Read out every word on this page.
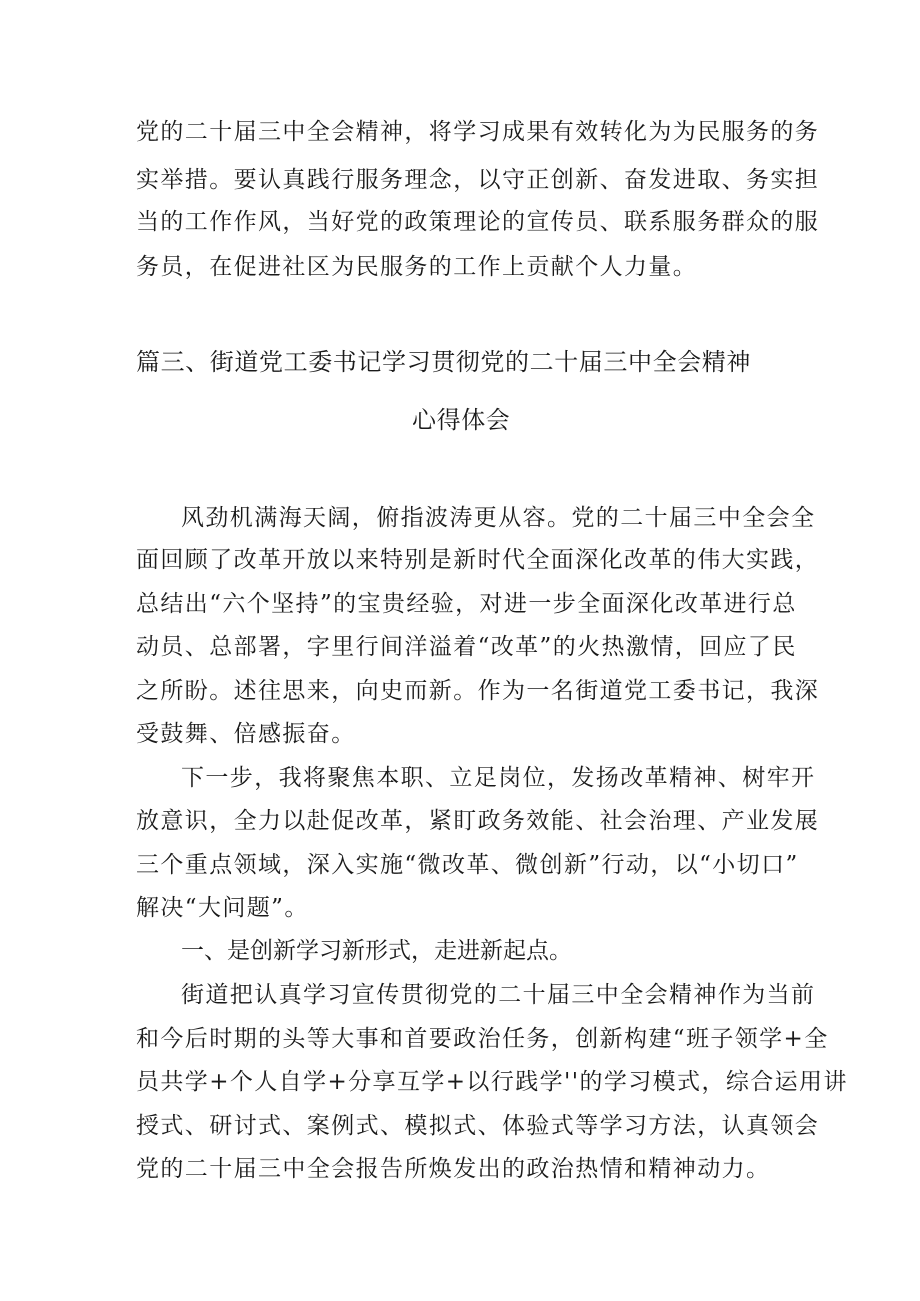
党的二十届三中全会精神，将学习成果有效转化为为民服务的务
实举措。要认真践行服务理念，以守正创新、奋发进取、务实担
当的工作作风，当好党的政策理论的宣传员、联系服务群众的服
务员，在促进社区为民服务的工作上贡献个人力量。
篇三、街道党工委书记学习贯彻党的二十届三中全会精神
心得体会
风劲机满海天阔，俯指波涛更从容。党的二十届三中全会全
面回顾了改革开放以来特别是新时代全面深化改革的伟大实践，
总结出“六个坚持”的宝贵经验，对进一步全面深化改革进行总
动员、总部署，字里行间洋溢着“改革”的火热激情，回应了民
之所盼。述往思来，向史而新。作为一名街道党工委书记，我深
受鼓舞、倍感振奋。
下一步，我将聚焦本职、立足岗位，发扬改革精神、树牢开
放意识，全力以赴促改革，紧盯政务效能、社会治理、产业发展
三个重点领域，深入实施“微改革、微创新”行动，以“小切口”
解决“大问题”。
一、是创新学习新形式，走进新起点。
街道把认真学习宣传贯彻党的二十届三中全会精神作为当前
和今后时期的头等大事和首要政治任务，创新构建“班子领学+全
员共学+个人自学+分享互学+以行践学''的学习模式，综合运用讲
授式、研讨式、案例式、模拟式、体验式等学习方法，认真领会
党的二十届三中全会报告所焕发出的政治热情和精神动力。
